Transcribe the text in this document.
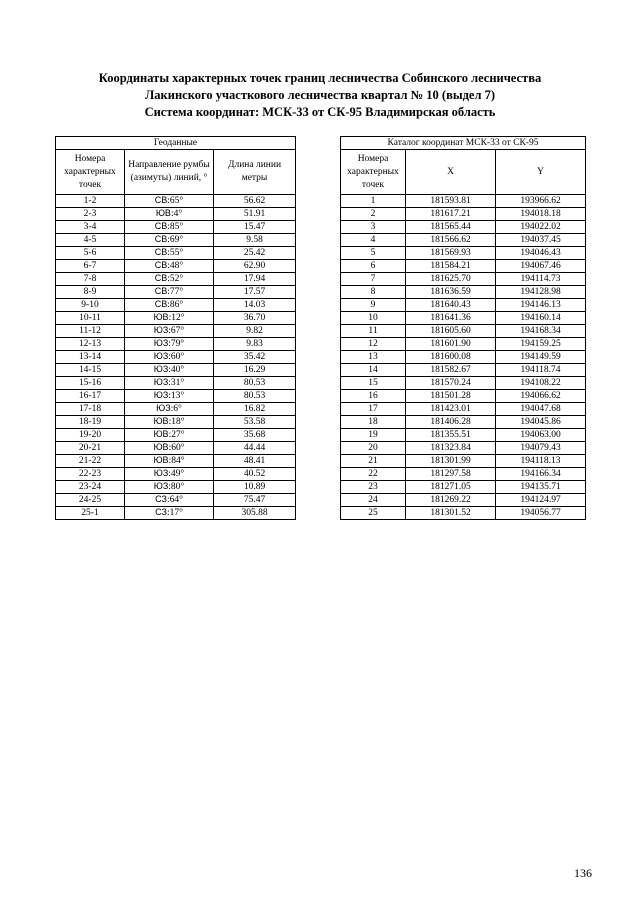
Координаты характерных точек границ лесничества Собинского лесничества
Лакинского участкового лесничества квартал № 10 (выдел 7)
Система координат: МСК-33 от СК-95 Владимирская область
Геоданные		
Номера характерных точек	Направление румбы (азимуты) линий, °	Длина линии метры
1-2	СВ:65°	56.62
2-3	ЮВ:4°	51.91
3-4	СВ:85°	15.47
4-5	СВ:69°	9.58
5-6	СВ:55°	25.42
6-7	СВ:48°	62.90
7-8	СВ:52°	17.94
8-9	СВ:77°	17.57
9-10	СВ:86°	14.03
10-11	ЮВ:12°	36.70
11-12	ЮЗ:67°	9.82
12-13	ЮЗ:79°	9.83
13-14	ЮЗ:60°	35.42
14-15	ЮЗ:40°	16.29
15-16	ЮЗ:31°	80.53
16-17	ЮЗ:13°	80.53
17-18	ЮЗ:6°	16.82
18-19	ЮВ:18°	53.58
19-20	ЮВ:27°	35.68
20-21	ЮВ:60°	44.44
21-22	ЮВ:84°	48.41
22-23	ЮЗ:49°	40.52
23-24	ЮЗ:80°	10.89
24-25	СЗ:64°	75.47
25-1	СЗ:17°	305.88
Каталог координат МСК-33 от СК-95		
Номера характерных точек	X	Y
1	181593.81	193966.62
2	181617.21	194018.18
3	181565.44	194022.02
4	181566.62	194037.45
5	181569.93	194046.43
6	181584.21	194067.46
7	181625.70	194114.73
8	181636.59	194128.98
9	181640.43	194146.13
10	181641.36	194160.14
11	181605.60	194168.34
12	181601.90	194159.25
13	181600.08	194149.59
14	181582.67	194118.74
15	181570.24	194108.22
16	181501.28	194066.62
17	181423.01	194047.68
18	181406.28	194045.86
19	181355.51	194063.00
20	181323.84	194079.43
21	181301.99	194118.13
22	181297.58	194166.34
23	181271.05	194135.71
24	181269.22	194124.97
25	181301.52	194056.77
136
